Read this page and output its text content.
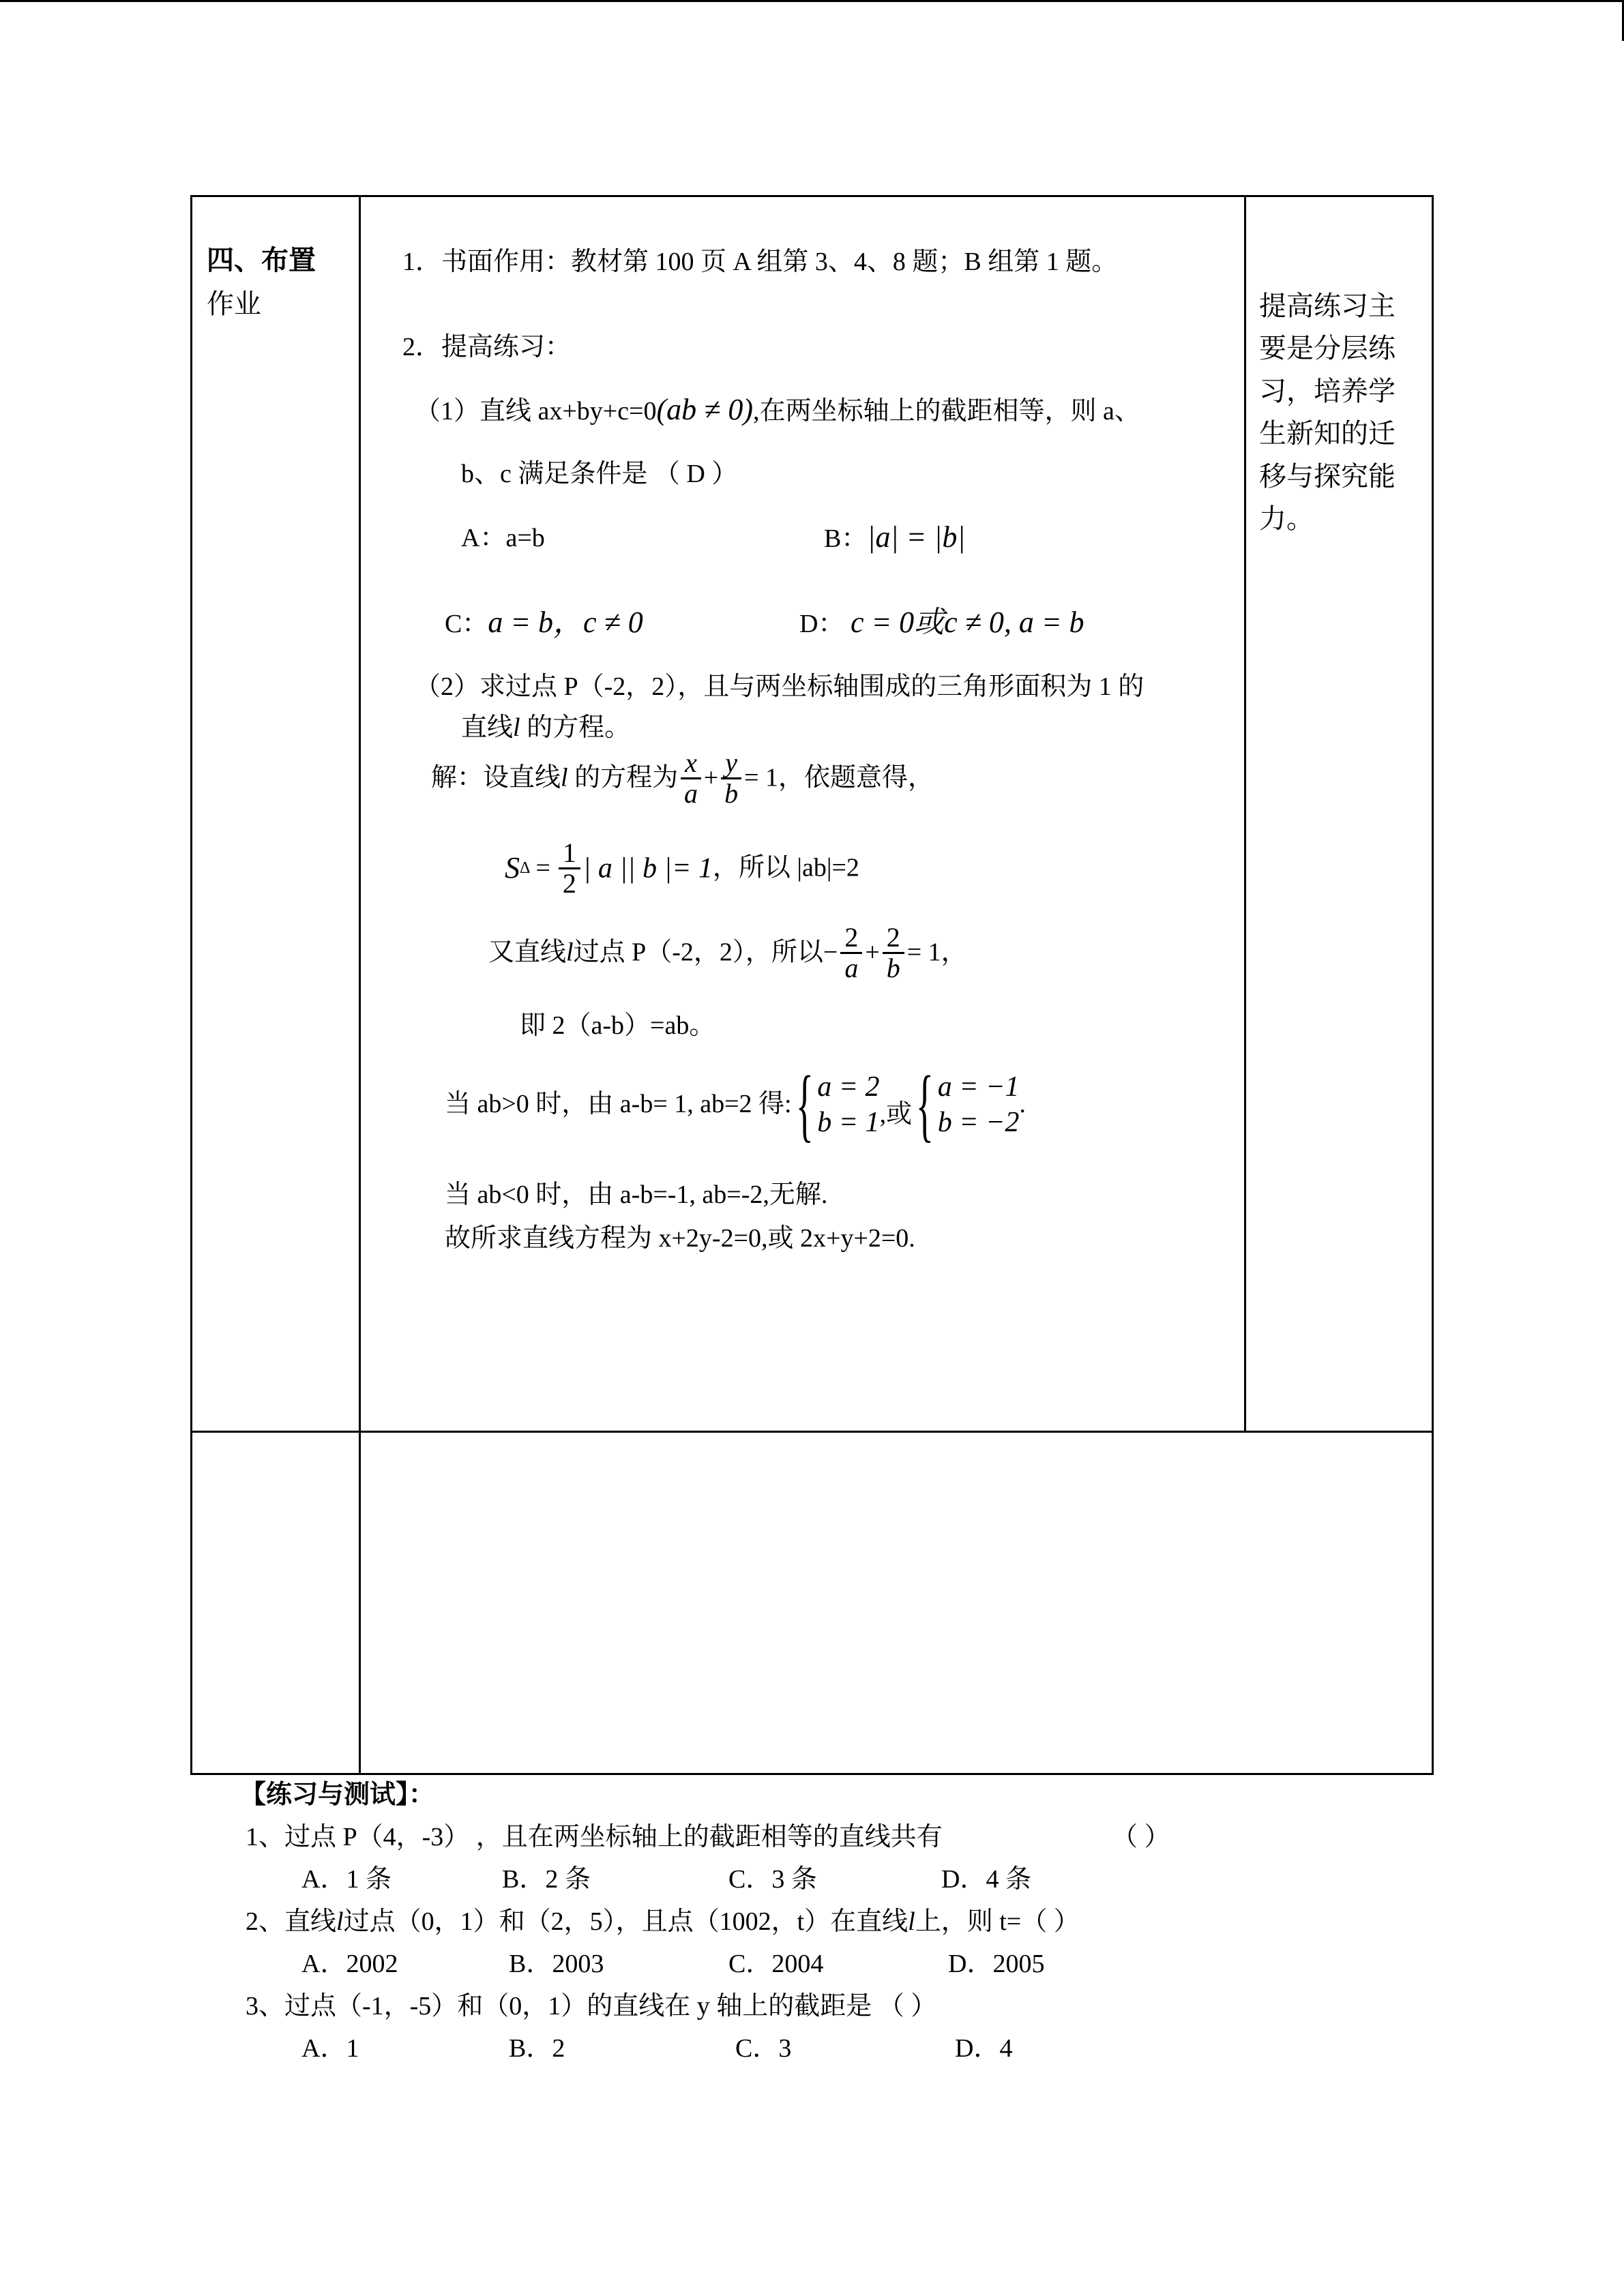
四、布置
作业
1．书面作用：教材第 100 页 A 组第 3、4、8 题；B 组第 1 题。
2．提高练习：
（1）直线 ax+by+c=0(ab ≠ 0),在两坐标轴上的截距相等，则 a、
b、c 满足条件是 （ D ）
A：a=b	B：|a| = |b|
C：a = b，c ≠ 0	D： c = 0或c ≠ 0, a = b
（2）求过点 P（-2，2），且与两坐标轴围成的三角形面积为 1 的
直线l 的方程。
解：设直线l 的方程为 $\frac{x}{a} + \frac{y}{b} = 1$，依题意得，
$S\Delta = \frac{1}{2}$ | a || b |= 1，所以 |ab|=2
又直线l过点 P（-2，2），所以− $\frac{2}{a} + \frac{2}{b} = 1$，
即 2（a-b）=ab。
当 ab>0 时，由 a-b= 1, ab=2 得:{ a = 2
b = 1 ,或{ a = −1
b = −2
.
当 ab<0 时，由 a-b=-1, ab=-2,无解.
故所求直线方程为 x+2y-2=0,或 2x+y+2=0.
提高练习主要是分层练习，培养学生新知的迁移与探究能力。
【练习与测试】：
1、过点 P（4，-3） ，且在两坐标轴上的截距相等的直线共有	（ ）
A．1 条	B．2 条	C．3 条	D．4 条
2、直线l过点（0，1）和（2，5），且点（1002，t）在直线l上，则 t=（ ）
A．2002	B．2003	C．2004	D．2005
3、过点（-1，-5）和（0，1）的直线在 y 轴上的截距是 （ ）
A．1	B．2	C．3	D．4
